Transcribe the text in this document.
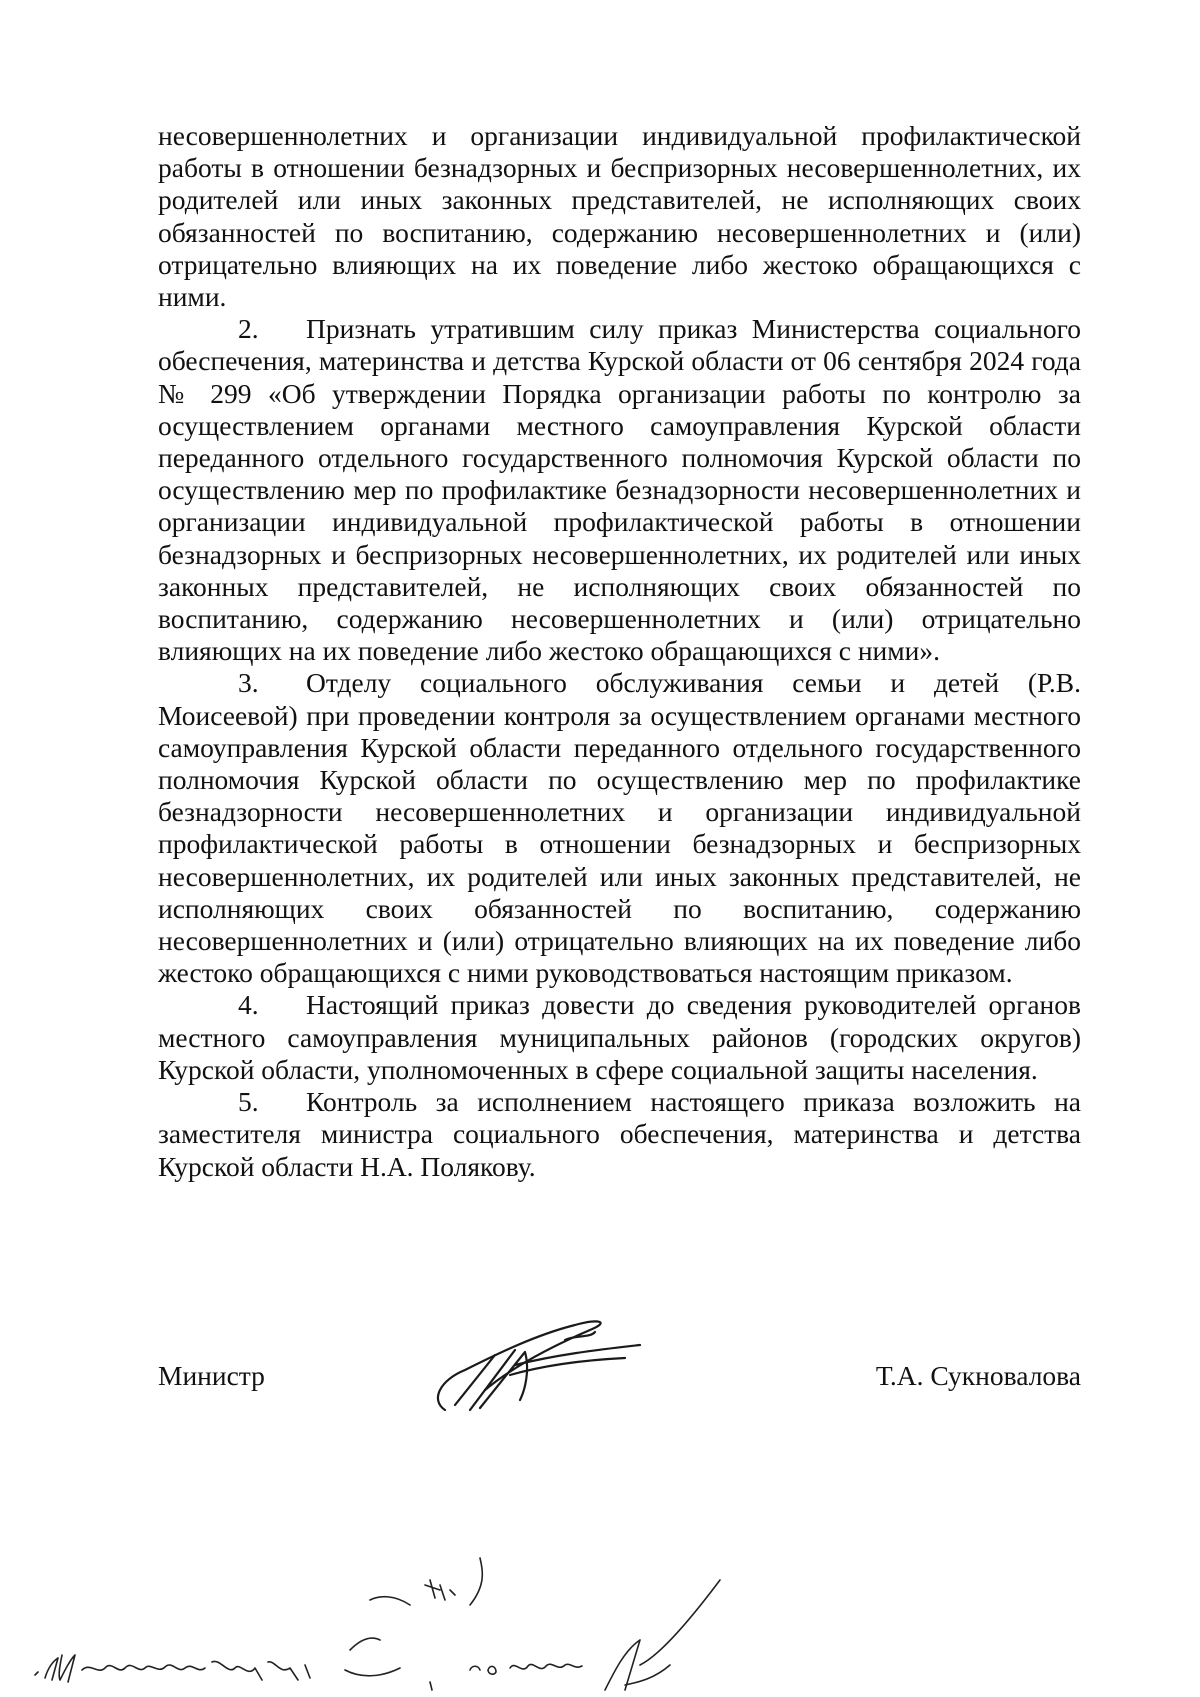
несовершеннолетних и организации индивидуальной профилактической работы в отношении безнадзорных и беспризорных несовершеннолетних, их родителей или иных законных представителей, не исполняющих своих обязанностей по воспитанию, содержанию несовершеннолетних и (или) отрицательно влияющих на их поведение либо жестоко обращающихся с ними.

2. Признать утратившим силу приказ Министерства социального обеспечения, материнства и детства Курской области от 06 сентября 2024 года № 299 «Об утверждении Порядка организации работы по контролю за осуществлением органами местного самоуправления Курской области переданного отдельного государственного полномочия Курской области по осуществлению мер по профилактике безнадзорности несовершеннолетних и организации индивидуальной профилактической работы в отношении безнадзорных и беспризорных несовершеннолетних, их родителей или иных законных представителей, не исполняющих своих обязанностей по воспитанию, содержанию несовершеннолетних и (или) отрицательно влияющих на их поведение либо жестоко обращающихся с ними».

3. Отделу социального обслуживания семьи и детей (Р.В. Моисеевой) при проведении контроля за осуществлением органами местного самоуправления Курской области переданного отдельного государственного полномочия Курской области по осуществлению мер по профилактике безнадзорности несовершеннолетних и организации индивидуальной профилактической работы в отношении безнадзорных и беспризорных несовершеннолетних, их родителей или иных законных представителей, не исполняющих своих обязанностей по воспитанию, содержанию несовершеннолетних и (или) отрицательно влияющих на их поведение либо жестоко обращающихся с ними руководствоваться настоящим приказом.

4. Настоящий приказ довести до сведения руководителей органов местного самоуправления муниципальных районов (городских округов) Курской области, уполномоченных в сфере социальной защиты населения.

5. Контроль за исполнением настоящего приказа возложить на заместителя министра социального обеспечения, материнства и детства Курской области Н.А. Полякову.

Министр	Т.А. Сукновалова
